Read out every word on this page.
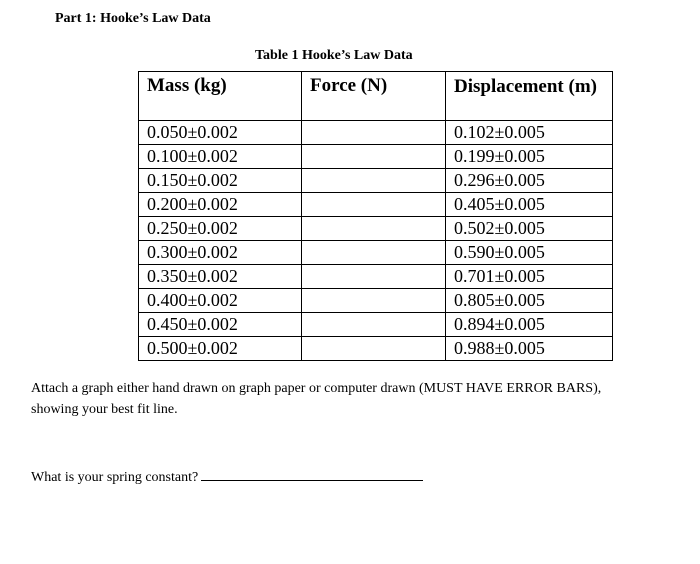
Part 1: Hooke’s Law Data
Table 1 Hooke’s Law Data
Mass (kg)	Force (N)	Displacement (m)
0.050±0.002		0.102±0.005
0.100±0.002		0.199±0.005
0.150±0.002		0.296±0.005
0.200±0.002		0.405±0.005
0.250±0.002		0.502±0.005
0.300±0.002		0.590±0.005
0.350±0.002		0.701±0.005
0.400±0.002		0.805±0.005
0.450±0.002		0.894±0.005
0.500±0.002		0.988±0.005
Attach a graph either hand drawn on graph paper or computer drawn (MUST HAVE ERROR BARS), showing your best fit line.
What is your spring constant?
